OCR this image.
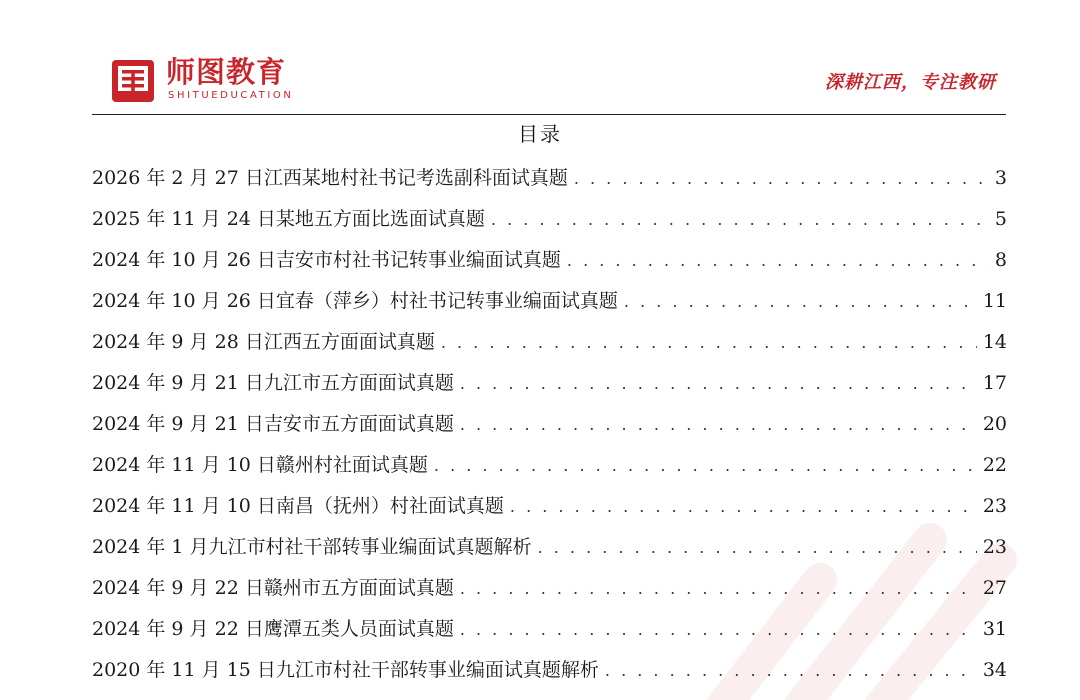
师图教育
SHITUEDUCATION
深耕江西，专注教研
目录
2026 年 2 月 27 日江西某地村社书记考选副科面试真题 . . .	3
2025 年 11 月 24 日某地五方面比选面试真题 . . .	5
2024 年 10 月 26 日吉安市村社书记转事业编面试真题 . . .	8
2024 年 10 月 26 日宜春（萍乡）村社书记转事业编面试真题 . . .	11
2024 年 9 月 28 日江西五方面面试真题 . . .	14
2024 年 9 月 21 日九江市五方面面试真题 . . .	17
2024 年 9 月 21 日吉安市五方面面试真题 . . .	20
2024 年 11 月 10 日赣州村社面试真题 . . .	22
2024 年 11 月 10 日南昌（抚州）村社面试真题 . . .	23
2024 年 1 月九江市村社干部转事业编面试真题解析 . . .	23
2024 年 9 月 22 日赣州市五方面面试真题 . . .	27
2024 年 9 月 22 日鹰潭五类人员面试真题 . . .	31
2020 年 11 月 15 日九江市村社干部转事业编面试真题解析 . . .	34
